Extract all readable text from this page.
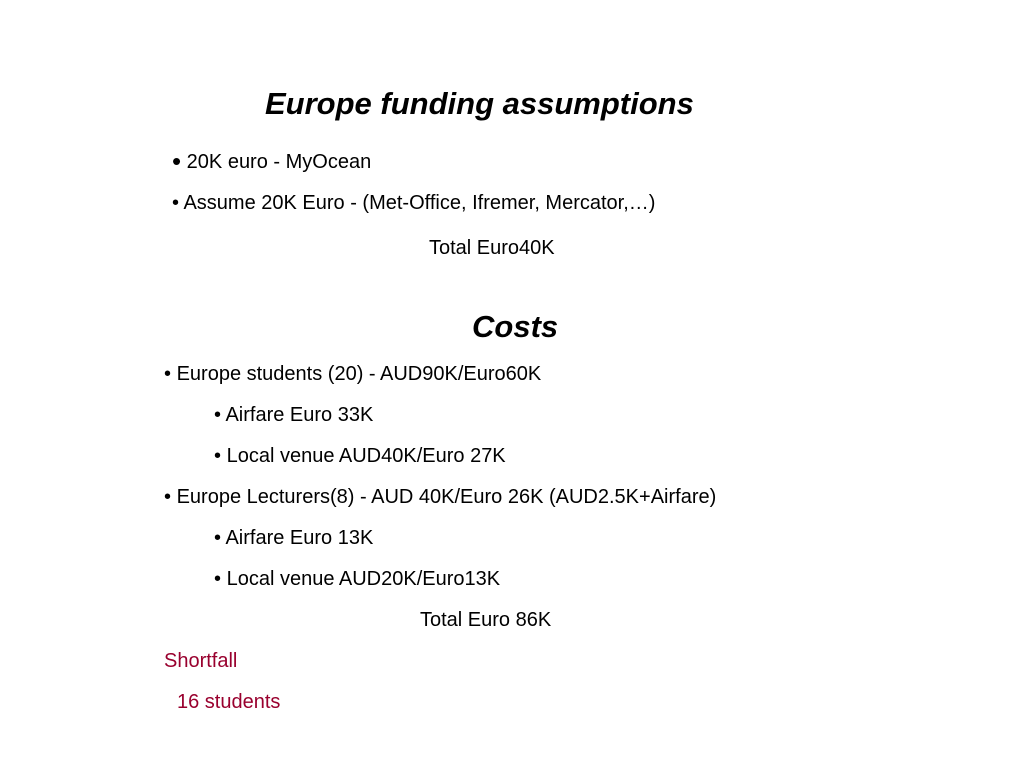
Europe funding assumptions
• 20K euro - MyOcean
• Assume 20K Euro - (Met-Office, Ifremer, Mercator,…)
Total Euro40K
Costs
• Europe students (20) - AUD90K/Euro60K
• Airfare Euro 33K
• Local venue AUD40K/Euro 27K
• Europe Lecturers(8) - AUD 40K/Euro 26K (AUD2.5K+Airfare)
• Airfare Euro 13K
• Local venue AUD20K/Euro13K
Total Euro 86K
Shortfall
16 students
